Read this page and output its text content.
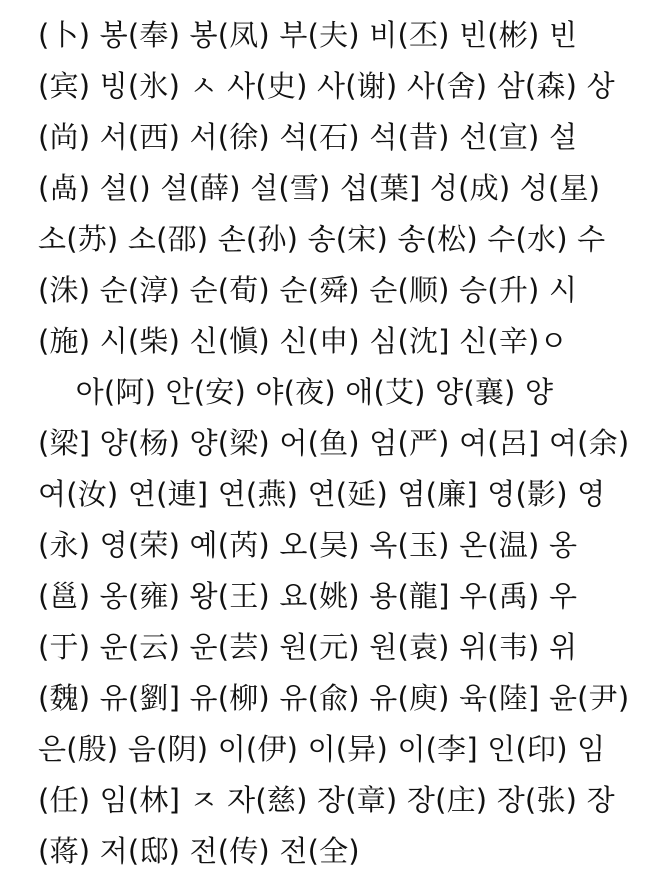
(卜) 봉(奉) 봉(凤) 부(夫) 비(丕) 빈(彬) 빈
(宾) 빙(氷) ㅅ 사(史) 사(谢) 사(舍) 삼(森) 상
(尚) 서(西) 서(徐) 석(石) 석(昔) 선(宣) 설
(卨) 설() 설(薛) 설(雪) 섭(葉] 성(成) 성(星)
소(苏) 소(邵) 손(孙) 송(宋) 송(松) 수(水) 수
(洙) 순(淳) 순(荀) 순(舜) 순(顺) 승(升) 시
(施) 시(柴) 신(愼) 신(申) 심(沈] 신(辛)ㅇ
아(阿) 안(安) 야(夜) 애(艾) 양(襄) 양
(梁] 양(杨) 양(梁) 어(鱼) 엄(严) 여(呂] 여(余)
여(汝) 연(連] 연(燕) 연(延) 염(廉] 영(影) 영
(永) 영(荣) 예(芮) 오(吴) 옥(玉) 온(温) 옹
(邕) 옹(雍) 왕(王) 요(姚) 용(龍] 우(禹) 우
(于) 운(云) 운(芸) 원(元) 원(袁) 위(韦) 위
(魏) 유(劉] 유(柳) 유(兪) 유(庾) 육(陸] 윤(尹)
은(殷) 음(阴) 이(伊) 이(异) 이(李] 인(印) 임
(任) 임(林] ㅈ 자(慈) 장(章) 장(庄) 장(张) 장
(蒋) 저(邸) 전(传) 전(全)
